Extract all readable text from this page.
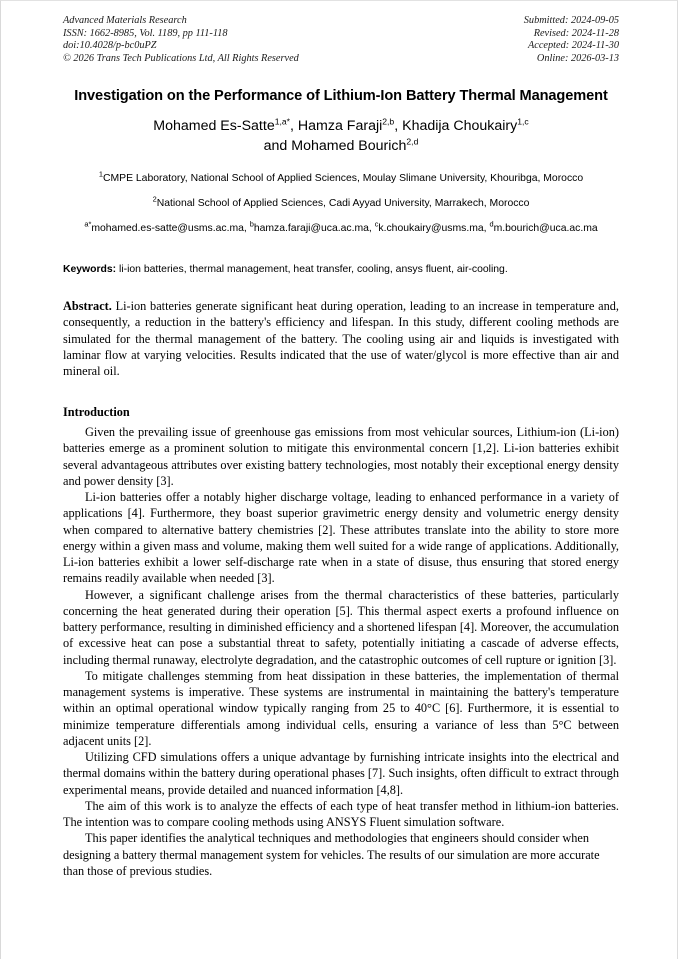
Advanced Materials Research
ISSN: 1662-8985, Vol. 1189, pp 111-118
doi:10.4028/p-bc0uPZ
© 2026 Trans Tech Publications Ltd, All Rights Reserved
Submitted: 2024-09-05
Revised: 2024-11-28
Accepted: 2024-11-30
Online: 2026-03-13
Investigation on the Performance of Lithium-Ion Battery Thermal Management
Mohamed Es-Satte$^{1,a*}$, Hamza Faraji$^{2,b}$, Khadija Choukairy$^{1,c}$
and Mohamed Bourich$^{2,d}$
$^1$CMPE Laboratory, National School of Applied Sciences, Moulay Slimane University, Khouribga, Morocco
$^2$National School of Applied Sciences, Cadi Ayyad University, Marrakech, Morocco
$^{a*}$mohamed.es-satte@usms.ac.ma, $^b$hamza.faraji@uca.ac.ma, $^c$k.choukairy@usms.ma, $^d$m.bourich@uca.ac.ma
Keywords: li-ion batteries, thermal management, heat transfer, cooling, ansys fluent, air-cooling.
Abstract. Li-ion batteries generate significant heat during operation, leading to an increase in temperature and, consequently, a reduction in the battery's efficiency and lifespan. In this study, different cooling methods are simulated for the thermal management of the battery. The cooling using air and liquids is investigated with laminar flow at varying velocities. Results indicated that the use of water/glycol is more effective than air and mineral oil.
Introduction

Given the prevailing issue of greenhouse gas emissions from most vehicular sources, Lithium-ion (Li-ion) batteries emerge as a prominent solution to mitigate this environmental concern [1,2]. Li-ion batteries exhibit several advantageous attributes over existing battery technologies, most notably their exceptional energy density and power density [3].

Li-ion batteries offer a notably higher discharge voltage, leading to enhanced performance in a variety of applications [4]. Furthermore, they boast superior gravimetric energy density and volumetric energy density when compared to alternative battery chemistries [2]. These attributes translate into the ability to store more energy within a given mass and volume, making them well suited for a wide range of applications. Additionally, Li-ion batteries exhibit a lower self-discharge rate when in a state of disuse, thus ensuring that stored energy remains readily available when needed [3].

However, a significant challenge arises from the thermal characteristics of these batteries, particularly concerning the heat generated during their operation [5]. This thermal aspect exerts a profound influence on battery performance, resulting in diminished efficiency and a shortened lifespan [4]. Moreover, the accumulation of excessive heat can pose a substantial threat to safety, potentially initiating a cascade of adverse effects, including thermal runaway, electrolyte degradation, and the catastrophic outcomes of cell rupture or ignition [3].

To mitigate challenges stemming from heat dissipation in these batteries, the implementation of thermal management systems is imperative. These systems are instrumental in maintaining the battery's temperature within an optimal operational window typically ranging from 25 to 40°C [6]. Furthermore, it is essential to minimize temperature differentials among individual cells, ensuring a variance of less than 5°C between adjacent units [2].

Utilizing CFD simulations offers a unique advantage by furnishing intricate insights into the electrical and thermal domains within the battery during operational phases [7]. Such insights, often difficult to extract through experimental means, provide detailed and nuanced information [4,8].

The aim of this work is to analyze the effects of each type of heat transfer method in lithium-ion batteries. The intention was to compare cooling methods using ANSYS Fluent simulation software.

This paper identifies the analytical techniques and methodologies that engineers should consider when designing a battery thermal management system for vehicles. The results of our simulation are more accurate than those of previous studies.
